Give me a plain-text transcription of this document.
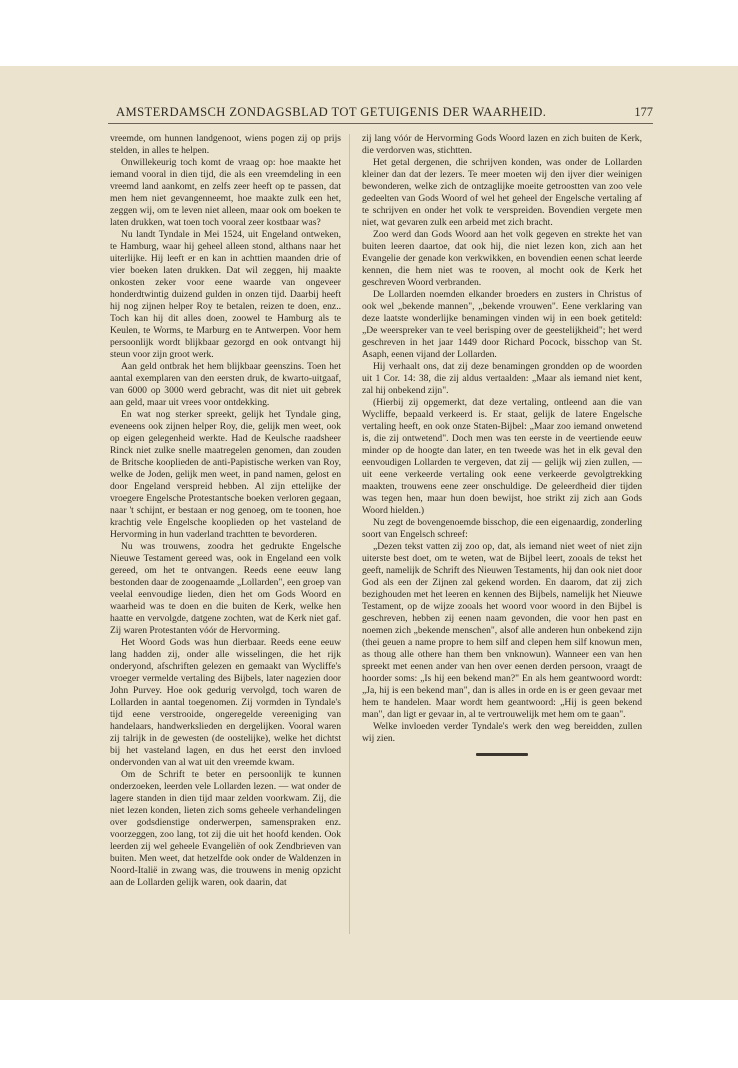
AMSTERDAMSCH ZONDAGSBLAD TOT GETUIGENIS DER WAARHEID.	177

vreemde, om hunnen landgenoot, wiens pogen zij op prijs stelden, in alles te helpen.

Onwillekeurig toch komt de vraag op: hoe maakte het iemand vooral in dien tijd, die als een vreemdeling in een vreemd land aankomt, en zelfs zeer heeft op te passen, dat men hem niet gevangenneemt, hoe maakte zulk een het, zeggen wij, om te leven niet alleen, maar ook om boeken te laten drukken, wat toen toch vooral zeer kostbaar was?

Nu landt Tyndale in Mei 1524, uit Engeland ontweken, te Hamburg, waar hij geheel alleen stond, althans naar het uiterlijke. Hij leeft er en kan in achttien maanden drie of vier boeken laten drukken. Dat wil zeggen, hij maakte onkosten zeker voor eene waarde van ongeveer honderdtwintig duizend gulden in onzen tijd. Daarbij heeft hij nog zijnen helper Roy te betalen, reizen te doen, enz.. Toch kan hij dit alles doen, zoowel te Hamburg als te Keulen, te Worms, te Marburg en te Antwerpen. Voor hem persoonlijk wordt blijkbaar gezorgd en ook ontvangt hij steun voor zijn groot werk.

Aan geld ontbrak het hem blijkbaar geenszins. Toen het aantal exemplaren van den eersten druk, de kwarto-uitgaaf, van 6000 op 3000 werd gebracht, was dit niet uit gebrek aan geld, maar uit vrees voor ontdekking.

En wat nog sterker spreekt, gelijk het Tyndale ging, eveneens ook zijnen helper Roy, die, gelijk men weet, ook op eigen gelegenheid werkte. Had de Keulsche raadsheer Rinck niet zulke snelle maatregelen genomen, dan zouden de Britsche kooplieden de anti-Papistische werken van Roy, welke de Joden, gelijk men weet, in pand namen, gelost en door Engeland verspreid hebben. Al zijn ettelijke der vroegere Engelsche Protestantsche boeken verloren gegaan, naar 't schijnt, er bestaan er nog genoeg, om te toonen, hoe krachtig vele Engelsche kooplieden op het vasteland de Hervorming in hun vaderland trachtten te bevorderen.

Nu was trouwens, zoodra het gedrukte Engelsche Nieuwe Testament gereed was, ook in Engeland een volk gereed, om het te ontvangen. Reeds eene eeuw lang bestonden daar de zoogenaamde „Lollarden", een groep van veelal eenvoudige lieden, dien het om Gods Woord en waarheid was te doen en die buiten de Kerk, welke hen haatte en vervolgde, datgene zochten, wat de Kerk niet gaf. Zij waren Protestanten vóór de Hervorming.

Het Woord Gods was hun dierbaar. Reeds eene eeuw lang hadden zij, onder alle wisselingen, die het rijk onderyond, afschriften gelezen en gemaakt van Wycliffe's vroeger vermelde vertaling des Bijbels, later nagezien door John Purvey. Hoe ook gedurig vervolgd, toch waren de Lollarden in aantal toegenomen. Zij vormden in Tyndale's tijd eene verstrooide, ongeregelde vereeniging van handelaars, handwerkslieden en dergelijken. Vooral waren zij talrijk in de gewesten (de oostelijke), welke het dichtst bij het vasteland lagen, en dus het eerst den invloed ondervonden van al wat uit den vreemde kwam.

Om de Schrift te beter en persoonlijk te kunnen onderzoeken, leerden vele Lollarden lezen. — wat onder de lagere standen in dien tijd maar zelden voorkwam. Zij, die niet lezen konden, lieten zich soms geheele verhandelingen over godsdienstige onderwerpen, samenspraken enz. voorzeggen, zoo lang, tot zij die uit het hoofd kenden. Ook leerden zij wel geheele Evangeliën of ook Zendbrieven van buiten. Men weet, dat hetzelfde ook onder de Waldenzen in Noord-Italië in zwang was, die trouwens in menig opzicht aan de Lollarden gelijk waren, ook daarin, dat

zij lang vóór de Hervorming Gods Woord lazen en zich buiten de Kerk, die verdorven was, stichtten.

Het getal dergenen, die schrijven konden, was onder de Lollarden kleiner dan dat der lezers. Te meer moeten wij den ijver dier weinigen bewonderen, welke zich de ontzaglijke moeite getroostten van zoo vele gedeelten van Gods Woord of wel het geheel der Engelsche vertaling af te schrijven en onder het volk te verspreiden. Bovendien vergete men niet, wat gevaren zulk een arbeid met zich bracht.

Zoo werd dan Gods Woord aan het volk gegeven en strekte het van buiten leeren daartoe, dat ook hij, die niet lezen kon, zich aan het Evangelie der genade kon verkwikken, en bovendien eenen schat leerde kennen, die hem niet was te rooven, al mocht ook de Kerk het geschreven Woord verbranden.

De Lollarden noemden elkander broeders en zusters in Christus of ook wel „bekende mannen", „bekende vrouwen". Eene verklaring van deze laatste wonderlijke benamingen vinden wij in een boek getiteld: „De weersprekеr van te veel berisping over de geestelijkheid"; het werd geschreven in het jaar 1449 door Richard Pocock, bisschop van St. Asaph, eenen vijand der Lollarden.

Hij verhaalt ons, dat zij deze benamingen grondden op de woorden uit 1 Cor. 14: 38, die zij aldus vertaalden: „Maar als iemand niet kent, zal hij onbekend zijn".

(Hierbij zij opgemerkt, dat deze vertaling, ontleend aan die van Wycliffe, bepaald verkeerd is. Er staat, gelijk de latere Engelsche vertaling heeft, en ook onze Staten-Bijbel: „Maar zoo iemand onwetend is, die zij ontwetend". Doch men was ten eerste in de veertiende eeuw minder op de hoogte dan later, en ten tweede was het in elk geval den eenvoudigen Lollarden te vergeven, dat zij — gelijk wij zien zullen, — uit eene verkeerde vertaling ook eene verkeerde gevolgtrekking maakten, trouwens eene zeer onschuldige. De geleerdheid dier tijden was tegen hen, maar hun doen bewijst, hoe strikt zij zich aan Gods Woord hielden.)

Nu zegt de bovengenoemde bisschop, die een eigenaardig, zonderling soort van Engelsch schreef:

„Dezen tekst vatten zij zoo op, dat, als iemand niet weet of niet zijn uiterste best doet, om te weten, wat de Bijbel leert, zooals de tekst het geeft, namelijk de Schrift des Nieuwen Testaments, hij dan ook niet door God als een der Zijnen zal gekend worden. En daarom, dat zij zich bezighouden met het leeren en kennen des Bijbels, namelijk het Nieuwe Testament, op de wijze zooals het woord voor woord in den Bijbel is geschreven, hebben zij eenen naam gevonden, die voor hen past en noemen zich „bekende menschen", alsof alle anderen hun onbekend zijn (thei geuen a name propre to hem silf and clepen hem silf knowun men, as thoug alle othere han them ben vnknowun). Wanneer een van hen spreekt met eenen ander van hen over eenen derden persoon, vraagt de hoorder soms: „Is hij een bekend man?" En als hem geantwoord wordt: „Ja, hij is een bekend man", dan is alles in orde en is er geen gevaar met hem te handelen. Maar wordt hem geantwoord: „Hij is geen bekend man", dan ligt er gevaar in, al te vertrouwelijk met hem om te gaan".

Welke invloeden verder Tyndale's werk den weg bereidden, zullen wij zien.
